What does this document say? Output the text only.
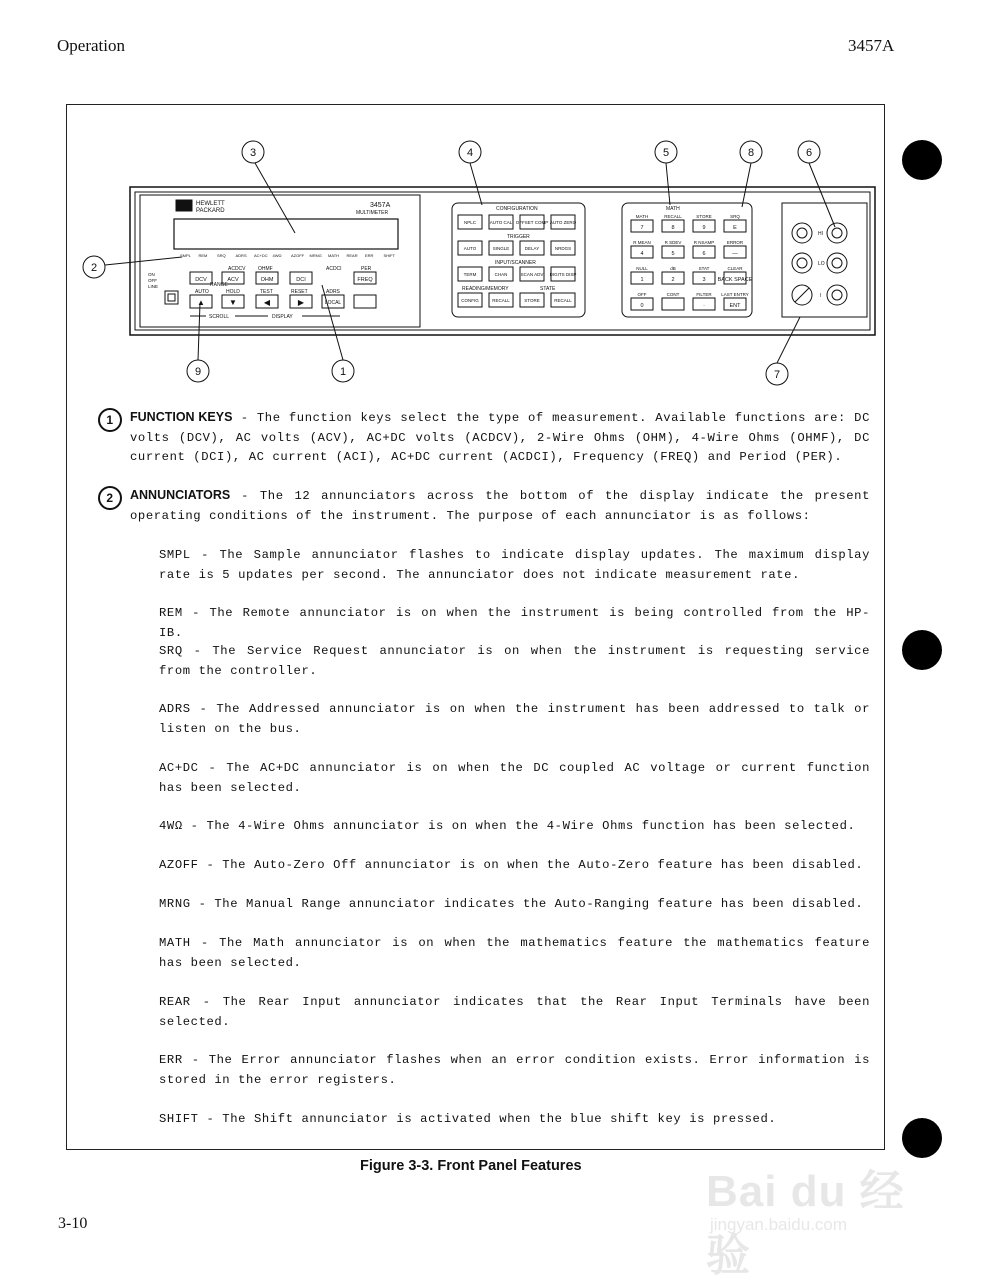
Operation	3457A
3	4	5	8	6
2
9	1	7
HEWLETT
PACKARD
3457A
MULTIMETER
SMPL REM SRQ ADRS AC+DC 4WΩ AZOFF MRNG MATH REAR ERR	SHIFT
ACDCV OHMF	ACDCI	PER
DCV	ACV	OHM	DCI	FREQ
ON
OFF
LINE	RANGE
AUTO	HOLD	TEST	RESET	ADRS
▲	▼	◀	▶	LOCAL
SCROLL	DISPLAY
CONFIGURATION
TRIGGER
INPUT/SCANNER
READING/MEMORY	STATE
NPLC	AUTO CAL OFFSET COMP AUTO ZERO
AUTO	SINGLE	DELAY	NRDGS
TERM	CHAN	SCAN ADV DIGITS DISP
CONFIG	RECALL	STORE	RECALL
MATH
MATH
7
RECALL
8
STORE
9
SRQ
E
R MEAN
4
R SDEV
5
R NSAMP
6
ERROR
—
NULL
1
dB
2
STAT
3
CLEAR
BACK SPACE
OFF
0
CONT	FILTER
·
LAST ENTRY
ENT
HI
LO
I
1	FUNCTION KEYS - The function keys select the type of measurement. Available functions are: DC volts (DCV), AC volts (ACV), AC+DC volts (ACDCV), 2-Wire Ohms (OHM), 4-Wire Ohms (OHMF), DC current (DCI), AC current (ACI), AC+DC current (ACDCI), Frequency (FREQ) and Period (PER).
2	ANNUNCIATORS - The 12 annunciators across the bottom of the display indicate the present operating conditions of the instrument. The purpose of each annunciator is as follows:
SMPL - The Sample annunciator flashes to indicate display updates. The maximum display rate is 5 updates per second. The annunciator does not indicate measurement rate.
REM - The Remote annunciator is on when the instrument is being controlled from the HP-IB.
SRQ - The Service Request annunciator is on when the instrument is requesting service from the controller.
ADRS - The Addressed annunciator is on when the instrument has been addressed to talk or listen on the bus.
AC+DC - The AC+DC annunciator is on when the DC coupled AC voltage or current function has been selected.
4WΩ - The 4-Wire Ohms annunciator is on when the 4-Wire Ohms function has been selected.
AZOFF - The Auto-Zero Off annunciator is on when the Auto-Zero feature has been disabled.
MRNG - The Manual Range annunciator indicates the Auto-Ranging feature has been disabled.
MATH - The Math annunciator is on when the mathematics feature the mathematics feature has been selected.
REAR - The Rear Input annunciator indicates that the Rear Input Terminals have been selected.
ERR - The Error annunciator flashes when an error condition exists. Error information is stored in the error registers.
SHIFT - The Shift annunciator is activated when the blue shift key is pressed.
Figure 3-3. Front Panel Features
3-10
Bai du 经验
jingyan.baidu.com
